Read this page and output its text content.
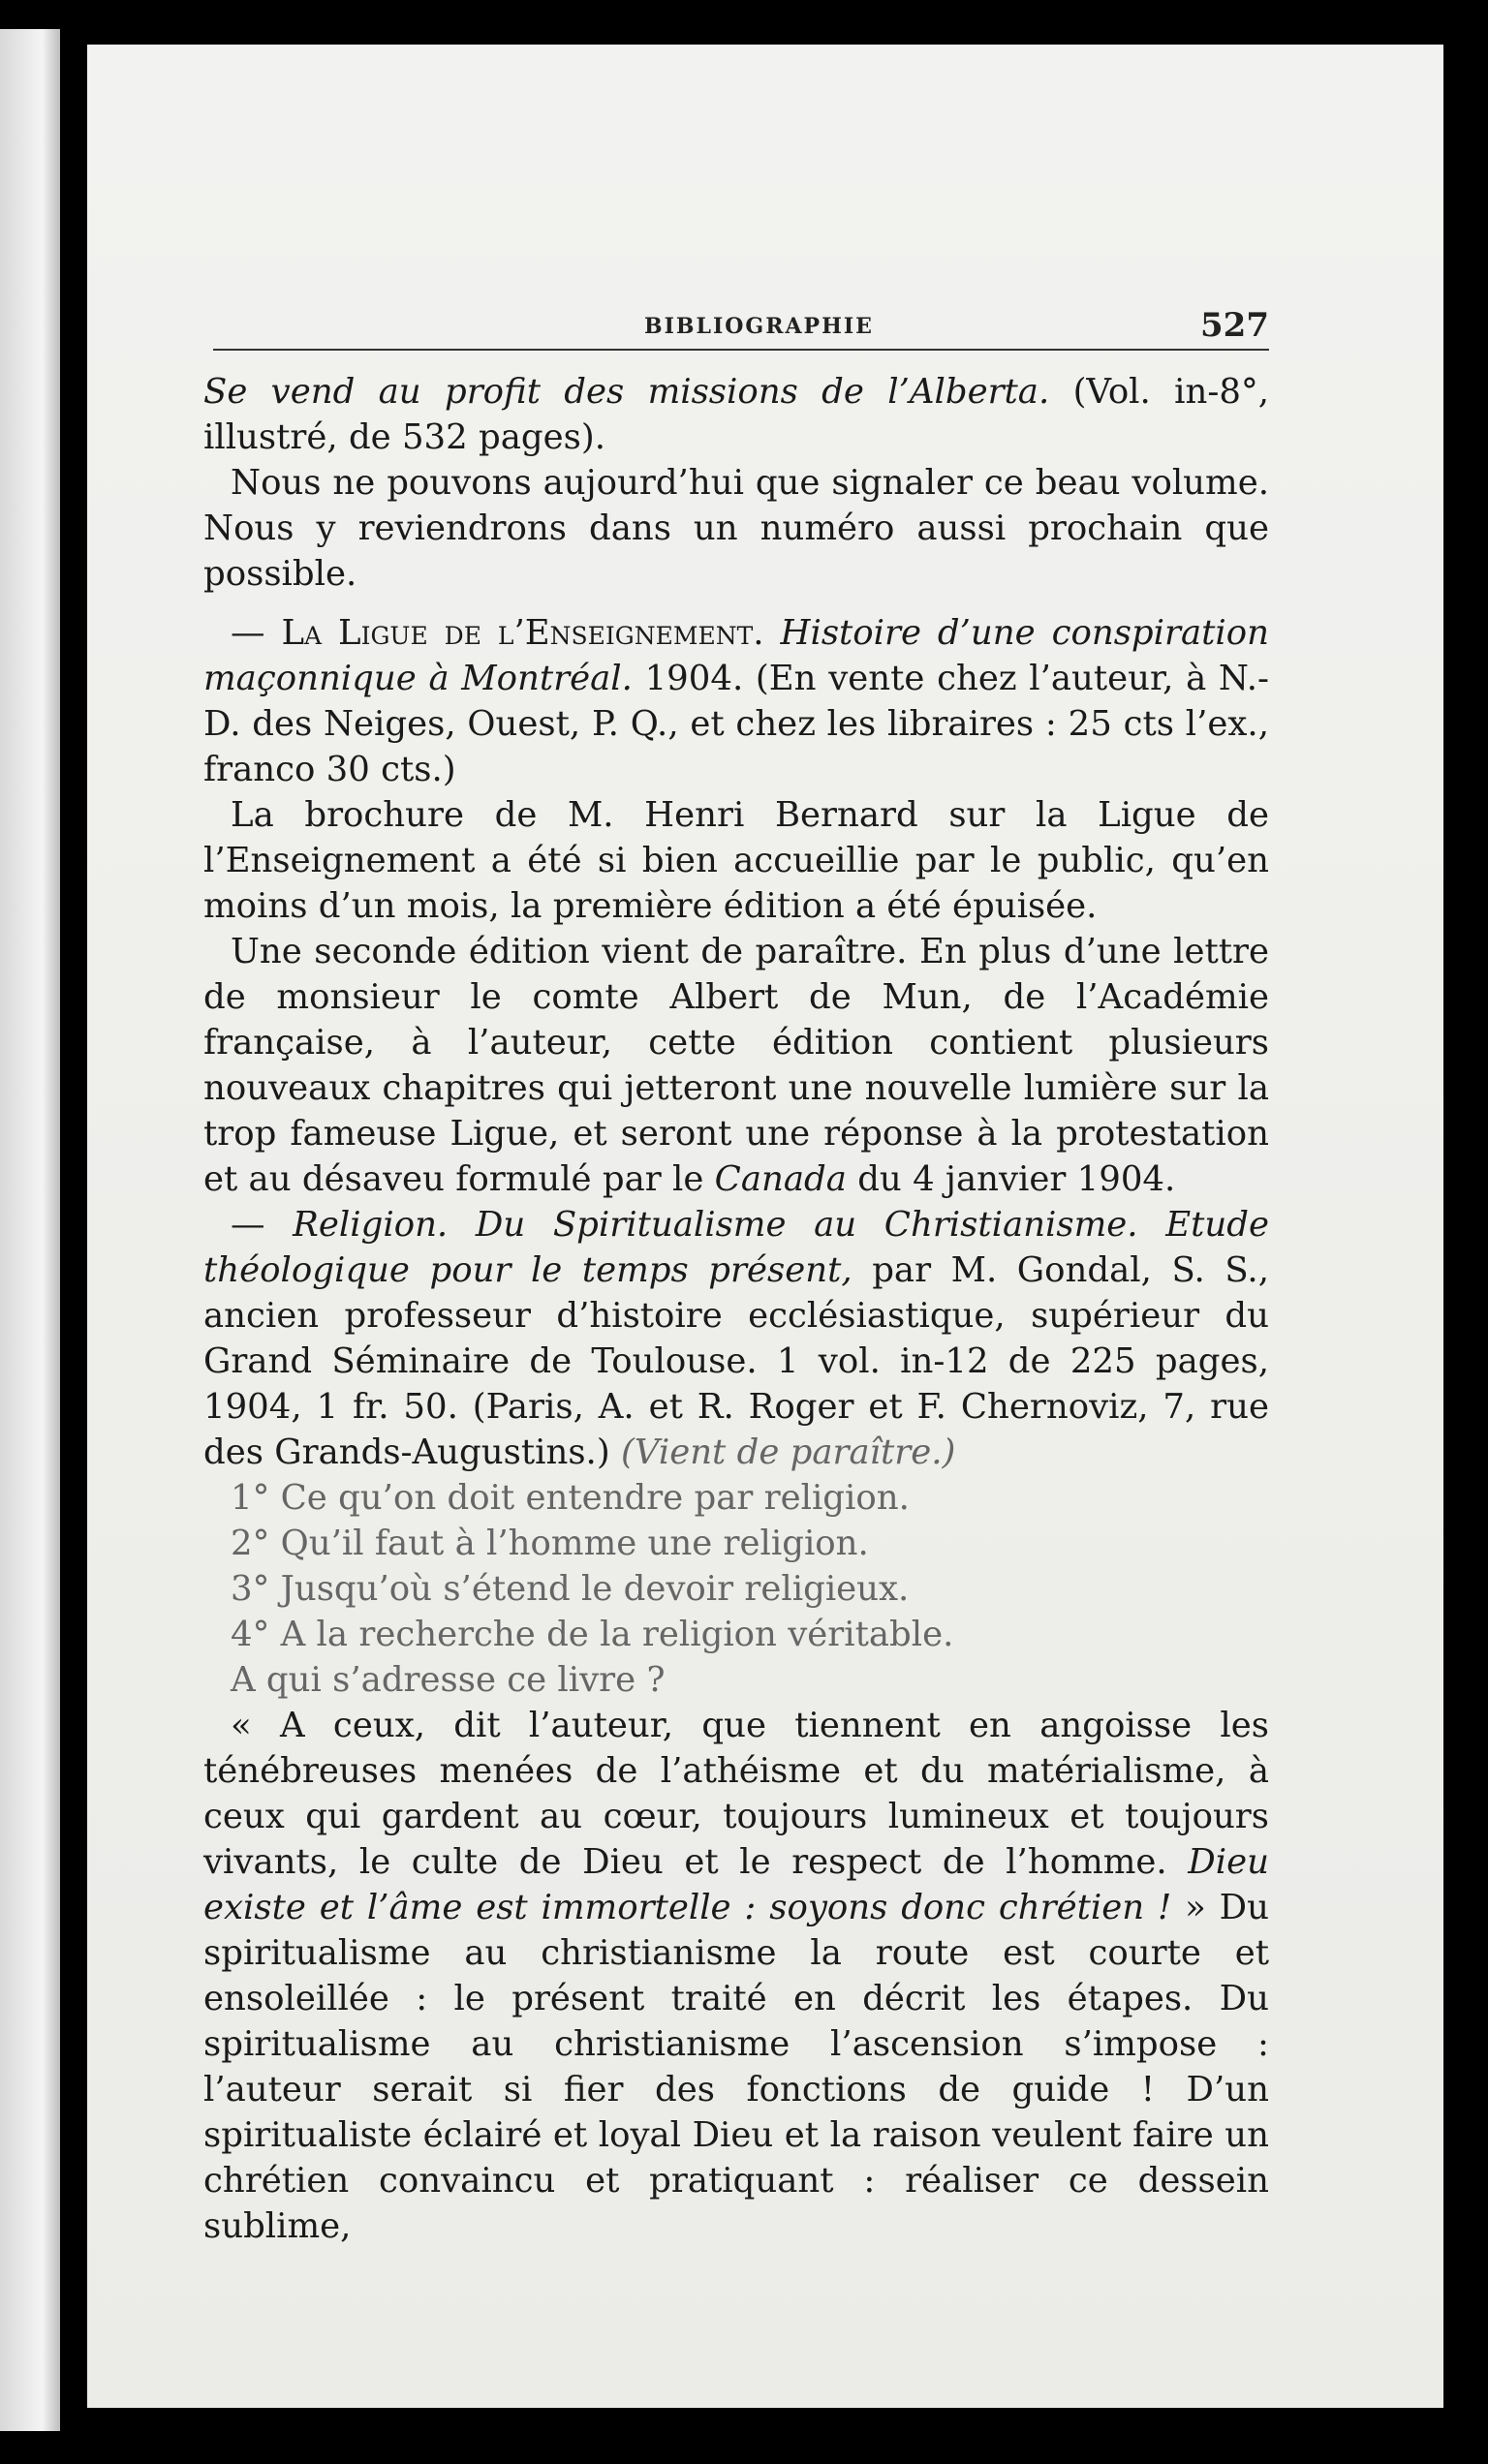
BIBLIOGRAPHIE	527

Se vend au profit des missions de l’Alberta. (Vol. in-8°, illustré, de 532 pages).

Nous ne pouvons aujourd’hui que signaler ce beau volume. Nous y reviendrons dans un numéro aussi prochain que possible.

— La Ligue de l’Enseignement. Histoire d’une conspiration maçonnique à Montréal. 1904. (En vente chez l’auteur, à N.-D. des Neiges, Ouest, P. Q., et chez les libraires : 25 cts l’ex., franco 30 cts.)

La brochure de M. Henri Bernard sur la Ligue de l’Enseignement a été si bien accueillie par le public, qu’en moins d’un mois, la première édition a été épuisée.

Une seconde édition vient de paraître. En plus d’une lettre de monsieur le comte Albert de Mun, de l’Académie française, à l’auteur, cette édition contient plusieurs nouveaux chapitres qui jetteront une nouvelle lumière sur la trop fameuse Ligue, et seront une réponse à la protestation et au désaveu formulé par le Canada du 4 janvier 1904.

— Religion. Du Spiritualisme au Christianisme. Etude théologique pour le temps présent, par M. Gondal, S. S., ancien professeur d’histoire ecclésiastique, supérieur du Grand Séminaire de Toulouse. 1 vol. in-12 de 225 pages, 1904, 1 fr. 50. (Paris, A. et R. Roger et F. Chernoviz, 7, rue des Grands-Augustins.) (Vient de paraître.)

1° Ce qu’on doit entendre par religion.

2° Qu’il faut à l’homme une religion.

3° Jusqu’où s’étend le devoir religieux.

4° A la recherche de la religion véritable.

A qui s’adresse ce livre ?

« A ceux, dit l’auteur, que tiennent en angoisse les ténébreuses menées de l’athéisme et du matérialisme, à ceux qui gardent au cœur, toujours lumineux et toujours vivants, le culte de Dieu et le respect de l’homme. Dieu existe et l’âme est immortelle : soyons donc chrétien ! » Du spiritualisme au christianisme la route est courte et ensoleillée : le présent traité en décrit les étapes. Du spiritualisme au christianisme l’ascension s’impose : l’auteur serait si fier des fonctions de guide ! D’un spiritualiste éclairé et loyal Dieu et la raison veulent faire un chrétien convaincu et pratiquant : réaliser ce dessein sublime,
